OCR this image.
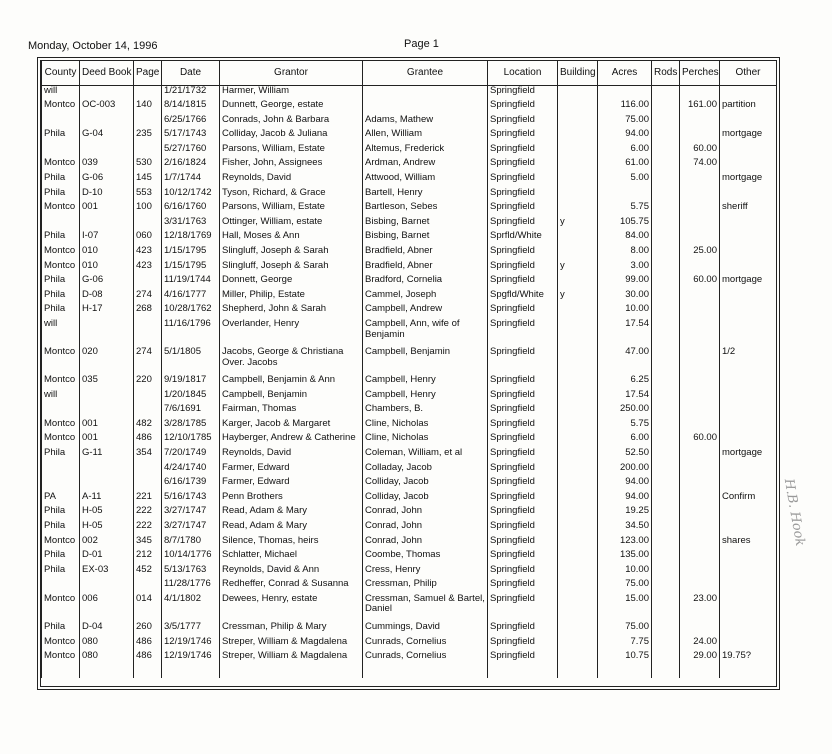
Monday, October 14, 1996	Page 1
County	Deed Book	Page	Date	Grantor	Grantee	Location	Building	Acres	Rods	Perches	Other
will			1/21/1732	Harmer, William		Springfield					
Montco	OC-003	140	8/14/1815	Dunnett, George, estate		Springfield		116.00		161.00	partition
			6/25/1766	Conrads, John & Barbara	Adams, Mathew	Springfield		75.00			
Phila	G-04	235	5/17/1743	Colliday, Jacob & Juliana	Allen, William	Springfield		94.00			mortgage
			5/27/1760	Parsons, William, Estate	Altemus, Frederick	Springfield		6.00		60.00	
Montco	039	530	2/16/1824	Fisher, John, Assignees	Ardman, Andrew	Springfield		61.00		74.00	
Phila	G-06	145	1/7/1744	Reynolds, David	Attwood, William	Springfield		5.00			mortgage
Phila	D-10	553	10/12/1742	Tyson, Richard, & Grace	Bartell, Henry	Springfield					
Montco	001	100	6/16/1760	Parsons, William, Estate	Bartleson, Sebes	Springfield		5.75			sheriff
			3/31/1763	Ottinger, William, estate	Bisbing, Barnet	Springfield	y	105.75			
Phila	I-07	060	12/18/1769	Hall, Moses & Ann	Bisbing, Barnet	Sprfld/White		84.00			
Montco	010	423	1/15/1795	Slingluff, Joseph & Sarah	Bradfield, Abner	Springfield		8.00		25.00	
Montco	010	423	1/15/1795	Slingluff, Joseph & Sarah	Bradfield, Abner	Springfield	y	3.00			
Phila	G-06		11/19/1744	Donnett, George	Bradford, Cornelia	Springfield		99.00		60.00	mortgage
Phila	D-08	274	4/16/1777	Miller, Philip, Estate	Cammel, Joseph	Spgfld/White	y	30.00			
Phila	H-17	268	10/28/1762	Shepherd, John & Sarah	Campbell, Andrew	Springfield		10.00			
will			11/16/1796	Overlander, Henry	Campbell, Ann, wife of Benjamin	Springfield		17.54			
Montco	020	274	5/1/1805	Jacobs, George & Christiana Over. Jacobs	Campbell, Benjamin	Springfield		47.00			1/2
Montco	035	220	9/19/1817	Campbell, Benjamin & Ann	Campbell, Henry	Springfield		6.25			
will			1/20/1845	Campbell, Benjamin	Campbell, Henry	Springfield		17.54			
			7/6/1691	Fairman, Thomas	Chambers, B.	Springfield		250.00			
Montco	001	482	3/28/1785	Karger, Jacob & Margaret	Cline, Nicholas	Springfield		5.75			
Montco	001	486	12/10/1785	Hayberger, Andrew & Catherine	Cline, Nicholas	Springfield		6.00		60.00	
Phila	G-11	354	7/20/1749	Reynolds, David	Coleman, William, et al	Springfield		52.50			mortgage
			4/24/1740	Farmer, Edward	Colladay, Jacob	Springfield		200.00			
			6/16/1739	Farmer, Edward	Colliday, Jacob	Springfield		94.00			
PA	A-11	221	5/16/1743	Penn Brothers	Colliday, Jacob	Springfield		94.00			Confirm
Phila	H-05	222	3/27/1747	Read, Adam & Mary	Conrad, John	Springfield		19.25			
Phila	H-05	222	3/27/1747	Read, Adam & Mary	Conrad, John	Springfield		34.50			
Montco	002	345	8/7/1780	Silence, Thomas, heirs	Conrad, John	Springfield		123.00			shares
Phila	D-01	212	10/14/1776	Schlatter, Michael	Coombe, Thomas	Springfield		135.00			
Phila	EX-03	452	5/13/1763	Reynolds, David & Ann	Cress, Henry	Springfield		10.00			
			11/28/1776	Redheffer, Conrad & Susanna	Cressman, Philip	Springfield		75.00			
Montco	006	014	4/1/1802	Dewees, Henry, estate	Cressman, Samuel & Bartel, Daniel	Springfield		15.00		23.00	
Phila	D-04	260	3/5/1777	Cressman, Philip & Mary	Cummings, David	Springfield		75.00			
Montco	080	486	12/19/1746	Streper, William & Magdalena	Cunrads, Cornelius	Springfield		7.75		24.00	
Montco	080	486	12/19/1746	Streper, William & Magdalena	Cunrads, Cornelius	Springfield		10.75		29.00	19.75?

H.B. Hook
